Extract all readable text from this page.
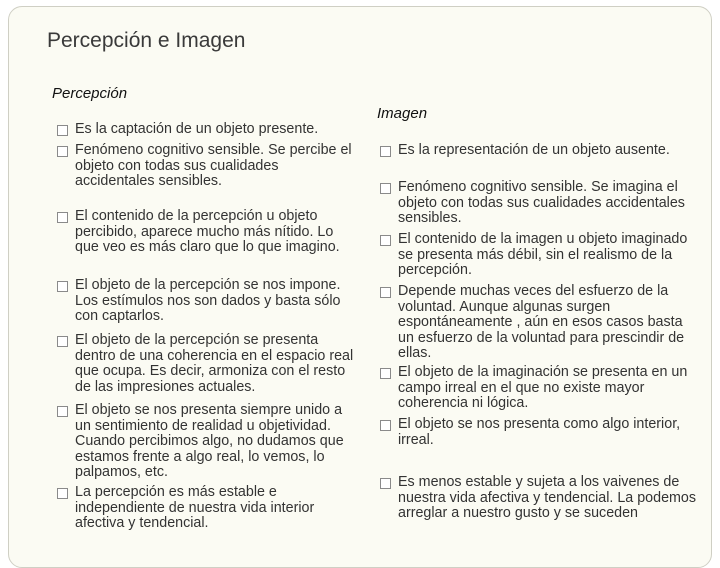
Percepción e Imagen
Percepción
Imagen
Es la captación de un objeto presente.
Fenómeno cognitivo sensible. Se percibe el objeto con todas sus cualidades accidentales sensibles.
El contenido de la percepción u objeto percibido, aparece mucho más nítido. Lo que veo es más claro que lo que imagino.
El objeto de la percepción se nos impone. Los estímulos nos son dados y basta sólo con captarlos.
El objeto de la percepción se presenta dentro de una coherencia en el espacio real que ocupa. Es decir, armoniza con el resto de las impresiones actuales.
El objeto se nos presenta siempre unido a un sentimiento de realidad u objetividad. Cuando percibimos algo, no dudamos que estamos frente a algo real, lo vemos, lo palpamos, etc.
La percepción es más estable e independiente de nuestra vida interior afectiva y tendencial.
Es la representación de un objeto ausente.
Fenómeno cognitivo sensible. Se imagina el objeto con todas sus cualidades accidentales sensibles.
El contenido de la imagen u objeto imaginado se presenta más débil, sin el realismo de la percepción.
Depende muchas veces del esfuerzo de la voluntad. Aunque algunas surgen espontáneamente , aún en esos casos basta un esfuerzo de la voluntad para prescindir de ellas.
El objeto de la imaginación se presenta en un campo irreal en el que no existe mayor coherencia ni lógica.
El objeto se nos presenta como algo interior, irreal.
Es menos estable y sujeta a los vaivenes de nuestra vida afectiva y tendencial. La podemos arreglar a nuestro gusto y se suceden
